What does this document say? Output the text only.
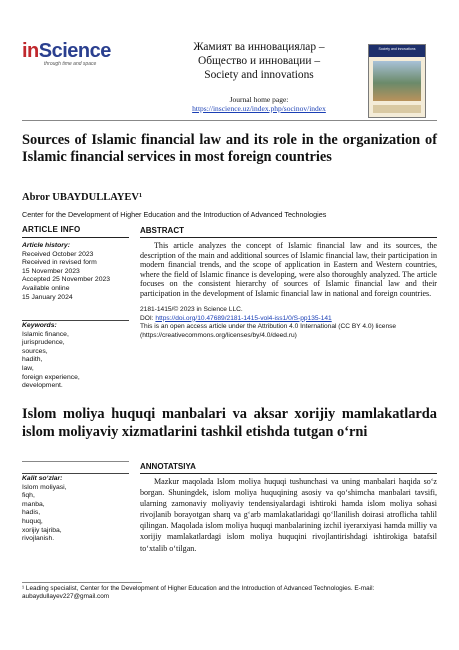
inScience
through time and space
Жамият ва инновациялар –
Общество и инновации –
Society and innovations
Journal home page:
https://inscience.uz/index.php/socinov/index
Society and innovations
Sources of Islamic financial law and its role in the organization of Islamic financial services in most foreign countries
Abror UBAYDULLAYEV¹
Center for the Development of Higher Education and the Introduction of Advanced Technologies
ARTICLE INFO
Article history:
Received October 2023
Received in revised form
15 November 2023
Accepted 25 November 2023
Available online
15 January 2024
Keywords:
Islamic finance,
jurisprudence,
sources,
hadith,
law,
foreign experience,
development.
ABSTRACT

This article analyzes the concept of Islamic financial law and its sources, the description of the main and additional sources of Islamic financial law, their participation in modern financial trends, and the scope of application in Eastern and Western countries, where the field of Islamic finance is developing, were also thoroughly analyzed. The article focuses on the consistent hierarchy of sources of Islamic financial law and their participation in the development of Islamic financial law in national and foreign countries.

2181-1415/© 2023 in Science LLC.
DOI: https://doi.org/10.47689/2181-1415-vol4-iss1/0/S-pp135-141
This is an open access article under the Attribution 4.0 International (CC BY 4.0) license (https://creativecommons.org/licenses/by/4.0/deed.ru)
Islom moliya huquqi manbalari va aksar xorijiy mamlakatlarda islom moliyaviy xizmatlarini tashkil etishda tutgan o‘rni
Kalit so‘zlar:
Islom moliyasi,
fiqh,
manba,
hadis,
huquq,
xorijiy tajriba,
rivojlanish.
ANNOTATSIYA

Mazkur maqolada Islom moliya huquqi tushunchasi va uning manbalari haqida so‘z borgan. Shuningdek, islom moliya huquqining asosiy va qo‘shimcha manbalari tavsifi, ularning zamonaviy moliyaviy tendensiyalardagi ishtiroki hamda islom moliya sohasi rivojlanib borayotgan sharq va g‘arb mamlakatlaridagi qo‘llanilish doirasi atroflicha tahlil qilingan. Maqolada islom moliya huquqi manbalarining izchil iyerarxiyasi hamda milliy va xorijiy mamlakatlardagi islom moliya huquqini rivojlantirishdagi ishtirokiga batafsil to‘xtalib o‘tilgan.

¹ Leading specialist, Center for the Development of Higher Education and the Introduction of Advanced Technologies. E-mail: aubaydullayev227@gmail.com
